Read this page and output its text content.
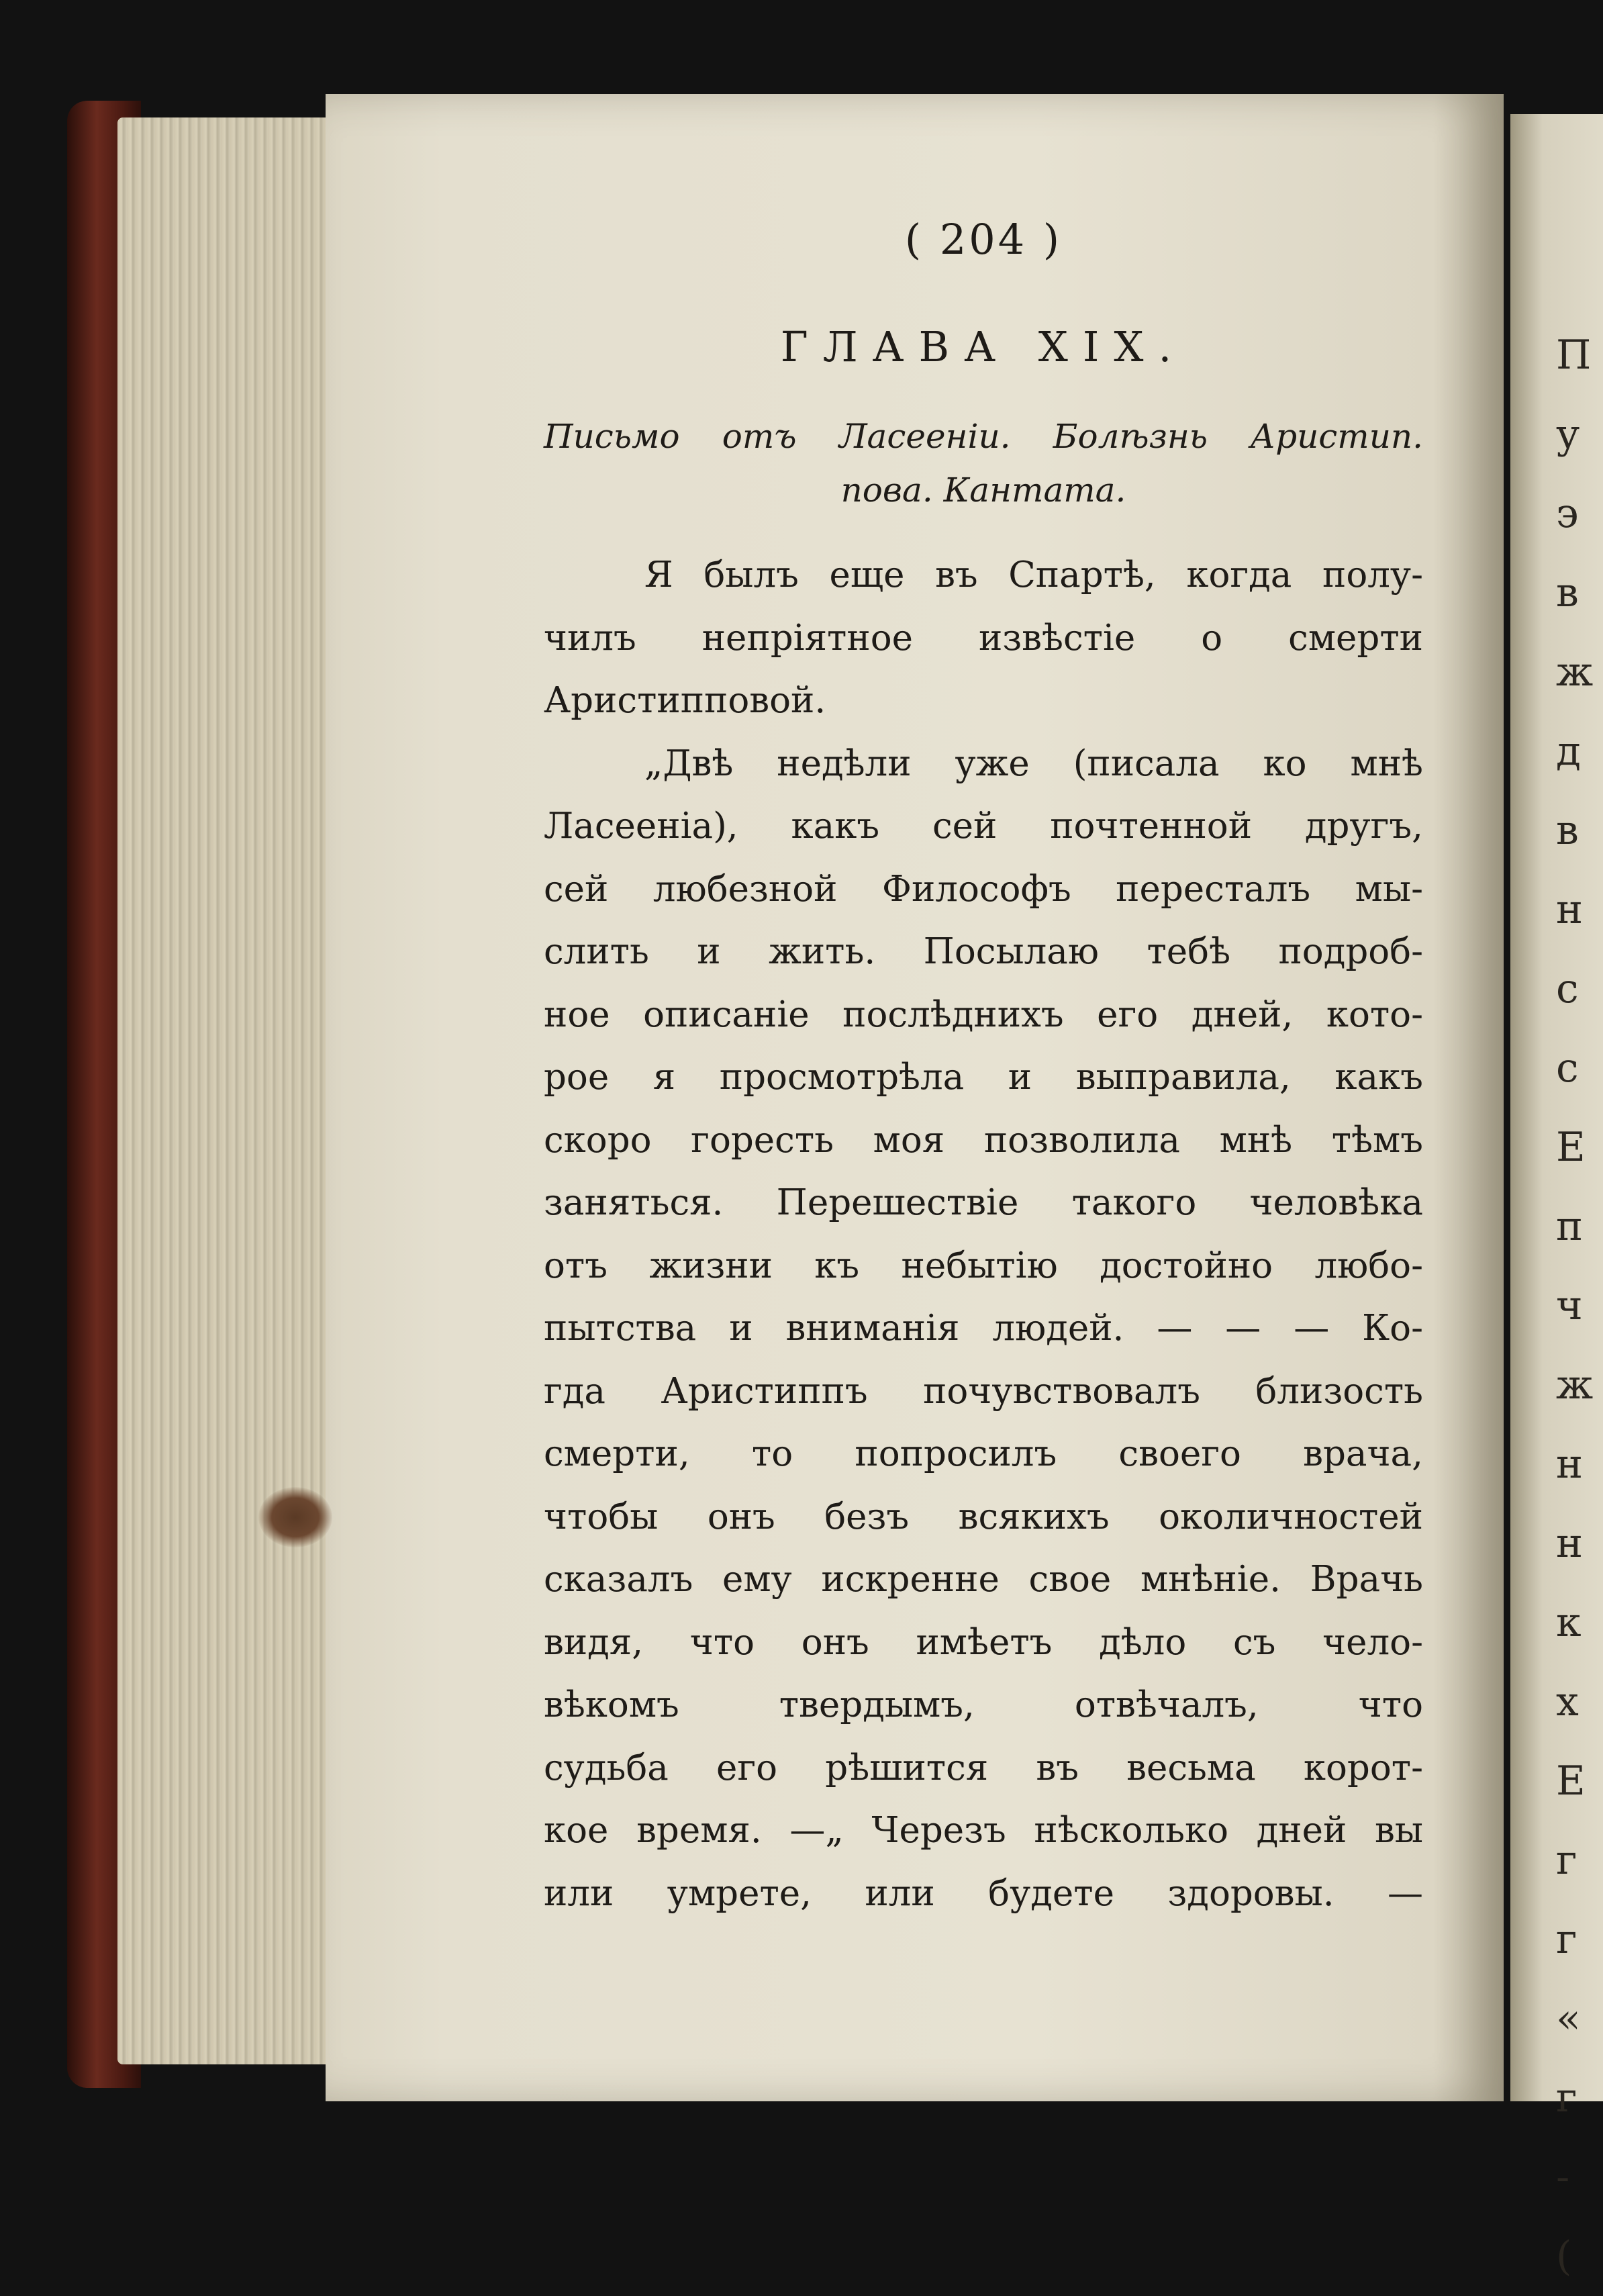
П
у
э
в
ж
д
в
н
с
с
Е
п
ч
ж
н
н
к
х
Е
г
г
«
г
-
(

( 204 )

ГЛАВА XIX.
Письмо отъ Ласееніи. Болѣзнь Аристип.
пова. Кантата.
Я былъ еще въ Спартѣ, когда полу-
чилъ непріятное извѣстіе о смерти
Аристипповой.
„Двѣ недѣли уже (писала ко мнѣ
Ласееніа), какъ сей почтенной другъ,
сей любезной Философъ пересталъ мы-
слить и жить. Посылаю тебѣ подроб-
ное описаніе послѣднихъ его дней, кото-
рое я просмотрѣла и выправила, какъ
скоро горесть моя позволила мнѣ тѣмъ
заняться. Перешествіе такого человѣка
отъ жизни къ небытію достойно любо-
пытства и вниманія людей. — — — Ко-
гда Аристиппъ почувствовалъ близость
смерти, то попросилъ своего врача,
чтобы онъ безъ всякихъ околичностей
сказалъ ему искренне свое мнѣніе. Врачь
видя, что онъ имѣетъ дѣло съ чело-
вѣкомъ твердымъ, отвѣчалъ, что
судьба его рѣшится въ весьма корот-
кое время. —„ Черезъ нѣсколько дней вы
или умрете, или будете здоровы. —
